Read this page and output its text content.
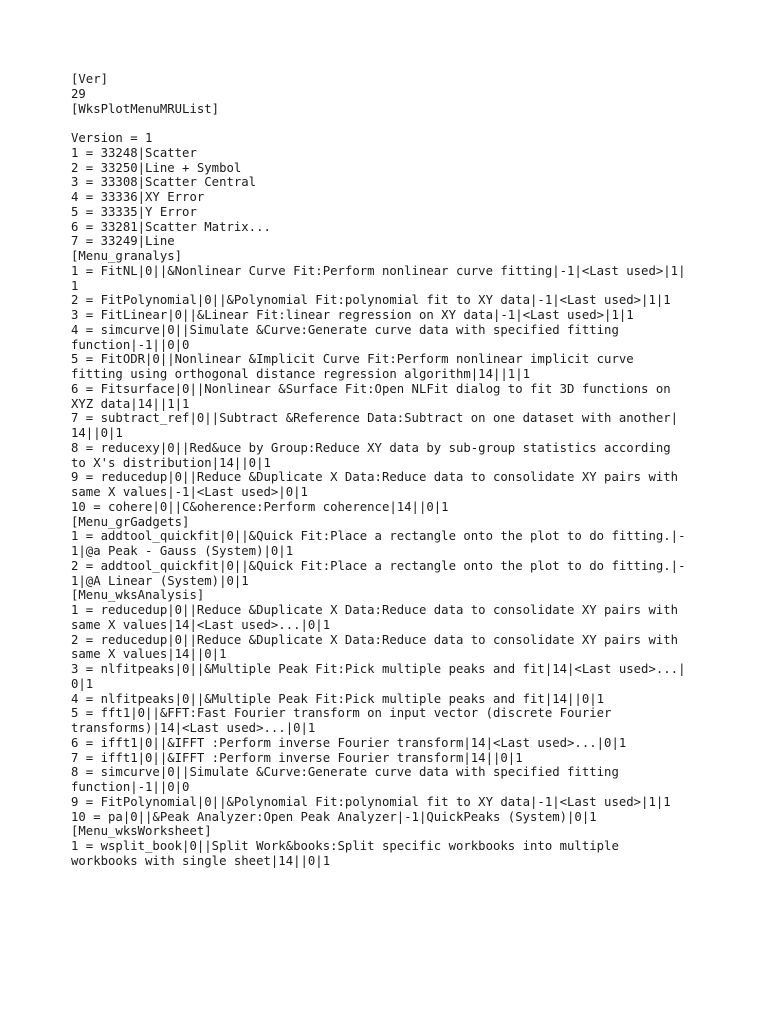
[Ver]
29
[WksPlotMenuMRUList]
Version = 1
1 = 33248|Scatter
2 = 33250|Line + Symbol
3 = 33308|Scatter Central
4 = 33336|XY Error
5 = 33335|Y Error
6 = 33281|Scatter Matrix...
7 = 33249|Line
[Menu_granalys]
1 = FitNL|0||&Nonlinear Curve Fit:Perform nonlinear curve fitting|-1|<Last used>|1|
1
2 = FitPolynomial|0||&Polynomial Fit:polynomial fit to XY data|-1|<Last used>|1|1
3 = FitLinear|0||&Linear Fit:linear regression on XY data|-1|<Last used>|1|1
4 = simcurve|0||Simulate &Curve:Generate curve data with specified fitting
function|-1||0|0
5 = FitODR|0||Nonlinear &Implicit Curve Fit:Perform nonlinear implicit curve
fitting using orthogonal distance regression algorithm|14||1|1
6 = Fitsurface|0||Nonlinear &Surface Fit:Open NLFit dialog to fit 3D functions on
XYZ data|14||1|1
7 = subtract_ref|0||Subtract &Reference Data:Subtract on one dataset with another|
14||0|1
8 = reducexy|0||Red&uce by Group:Reduce XY data by sub-group statistics according
to X's distribution|14||0|1
9 = reducedup|0||Reduce &Duplicate X Data:Reduce data to consolidate XY pairs with
same X values|-1|<Last used>|0|1
10 = cohere|0||C&oherence:Perform coherence|14||0|1
[Menu_grGadgets]
1 = addtool_quickfit|0||&Quick Fit:Place a rectangle onto the plot to do fitting.|-
1|@a Peak - Gauss (System)|0|1
2 = addtool_quickfit|0||&Quick Fit:Place a rectangle onto the plot to do fitting.|-
1|@A Linear (System)|0|1
[Menu_wksAnalysis]
1 = reducedup|0||Reduce &Duplicate X Data:Reduce data to consolidate XY pairs with
same X values|14|<Last used>...|0|1
2 = reducedup|0||Reduce &Duplicate X Data:Reduce data to consolidate XY pairs with
same X values|14||0|1
3 = nlfitpeaks|0||&Multiple Peak Fit:Pick multiple peaks and fit|14|<Last used>...|
0|1
4 = nlfitpeaks|0||&Multiple Peak Fit:Pick multiple peaks and fit|14||0|1
5 = fft1|0||&FFT:Fast Fourier transform on input vector (discrete Fourier
transforms)|14|<Last used>...|0|1
6 = ifft1|0||&IFFT :Perform inverse Fourier transform|14|<Last used>...|0|1
7 = ifft1|0||&IFFT :Perform inverse Fourier transform|14||0|1
8 = simcurve|0||Simulate &Curve:Generate curve data with specified fitting
function|-1||0|0
9 = FitPolynomial|0||&Polynomial Fit:polynomial fit to XY data|-1|<Last used>|1|1
10 = pa|0||&Peak Analyzer:Open Peak Analyzer|-1|QuickPeaks (System)|0|1
[Menu_wksWorksheet]
1 = wsplit_book|0||Split Work&books:Split specific workbooks into multiple
workbooks with single sheet|14||0|1
